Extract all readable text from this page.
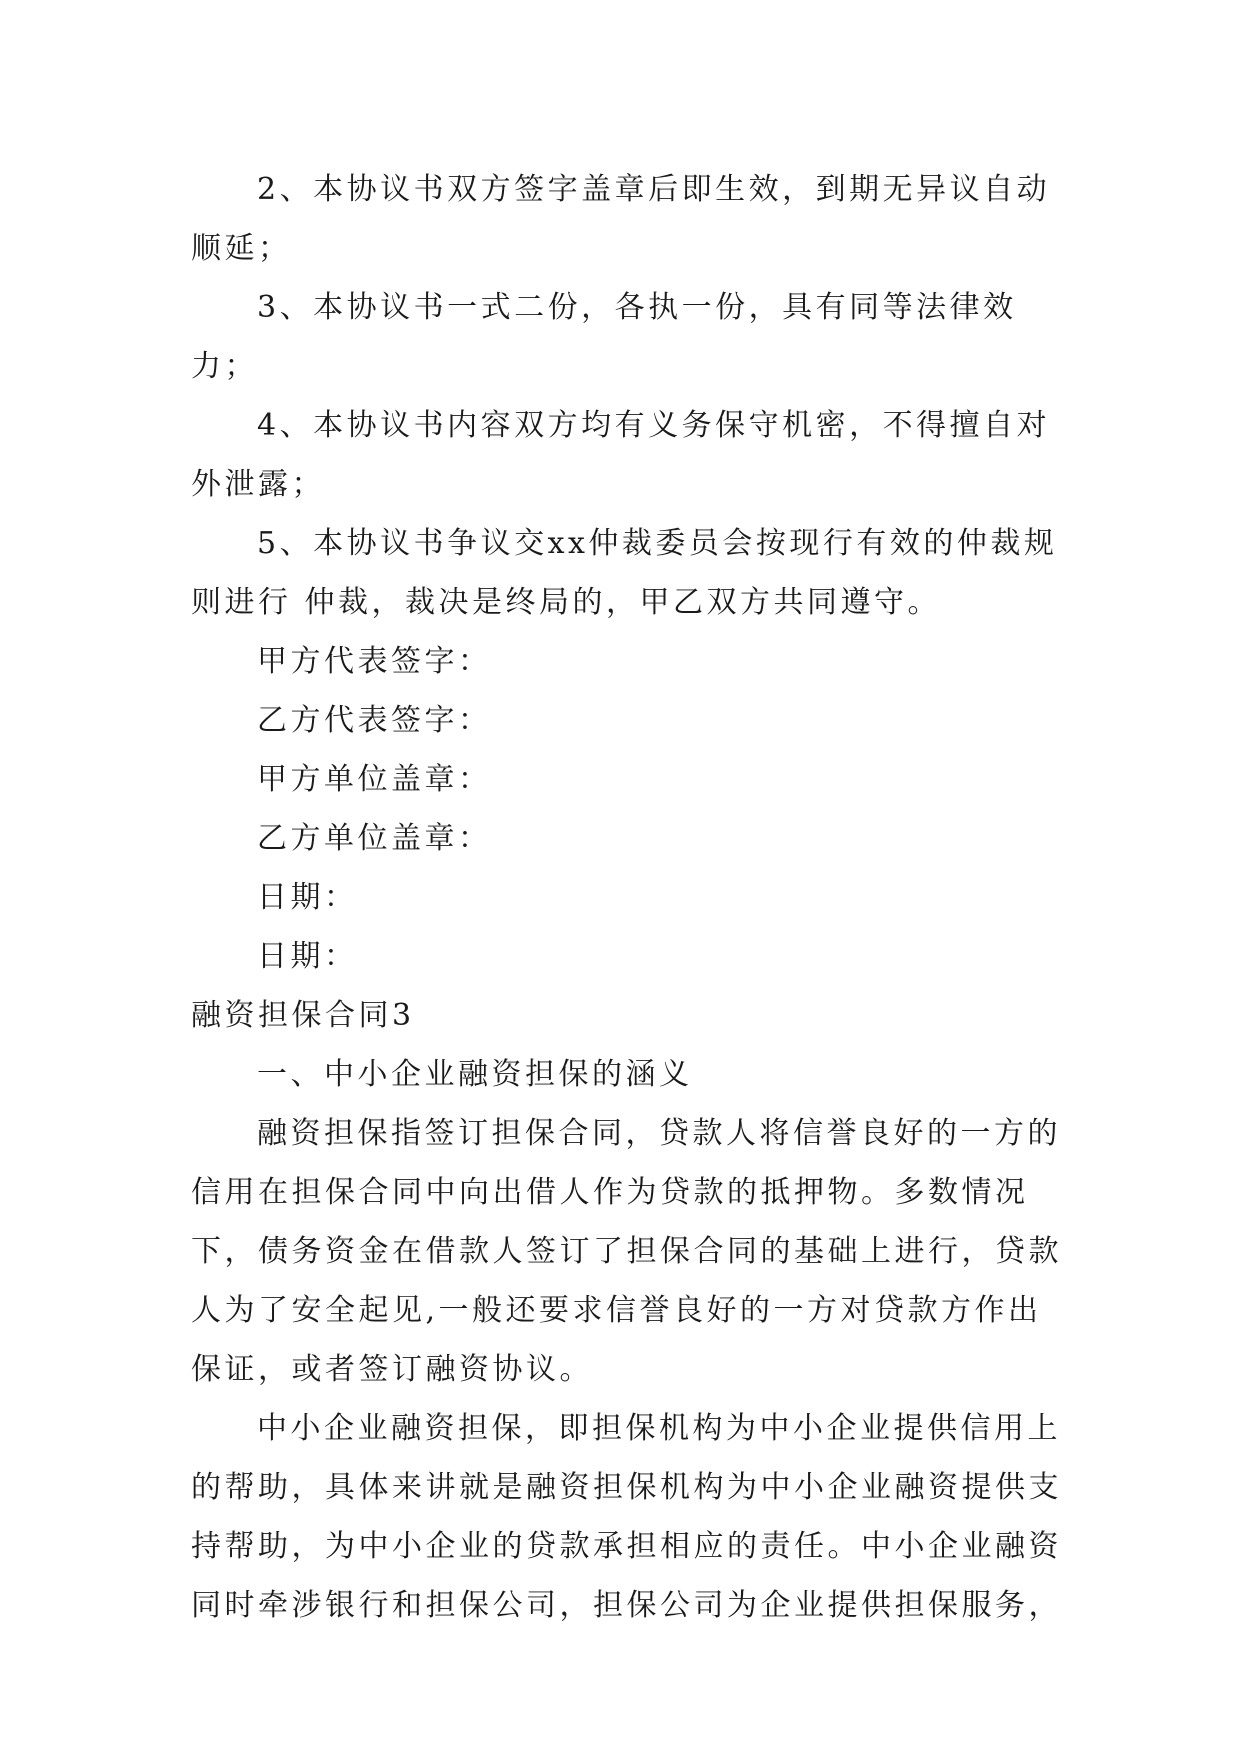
2、本协议书双方签字盖章后即生效，到期无异议自动顺延；

3、本协议书一式二份，各执一份，具有同等法律效力；

4、本协议书内容双方均有义务保守机密，不得擅自对外泄露；

5、本协议书争议交xx仲裁委员会按现行有效的仲裁规则进行 仲裁，裁决是终局的，甲乙双方共同遵守。

甲方代表签字：

乙方代表签字：

甲方单位盖章：

乙方单位盖章：

日期：

日期：

融资担保合同3

一、中小企业融资担保的涵义

融资担保指签订担保合同，贷款人将信誉良好的一方的信用在担保合同中向出借人作为贷款的抵押物。多数情况下，债务资金在借款人签订了担保合同的基础上进行，贷款人为了安全起见,一般还要求信誉良好的一方对贷款方作出保证，或者签订融资协议。

中小企业融资担保，即担保机构为中小企业提供信用上的帮助，具体来讲就是融资担保机构为中小企业融资提供支持帮助，为中小企业的贷款承担相应的责任。中小企业融资同时牵涉银行和担保公司，担保公司为企业提供担保服务，
